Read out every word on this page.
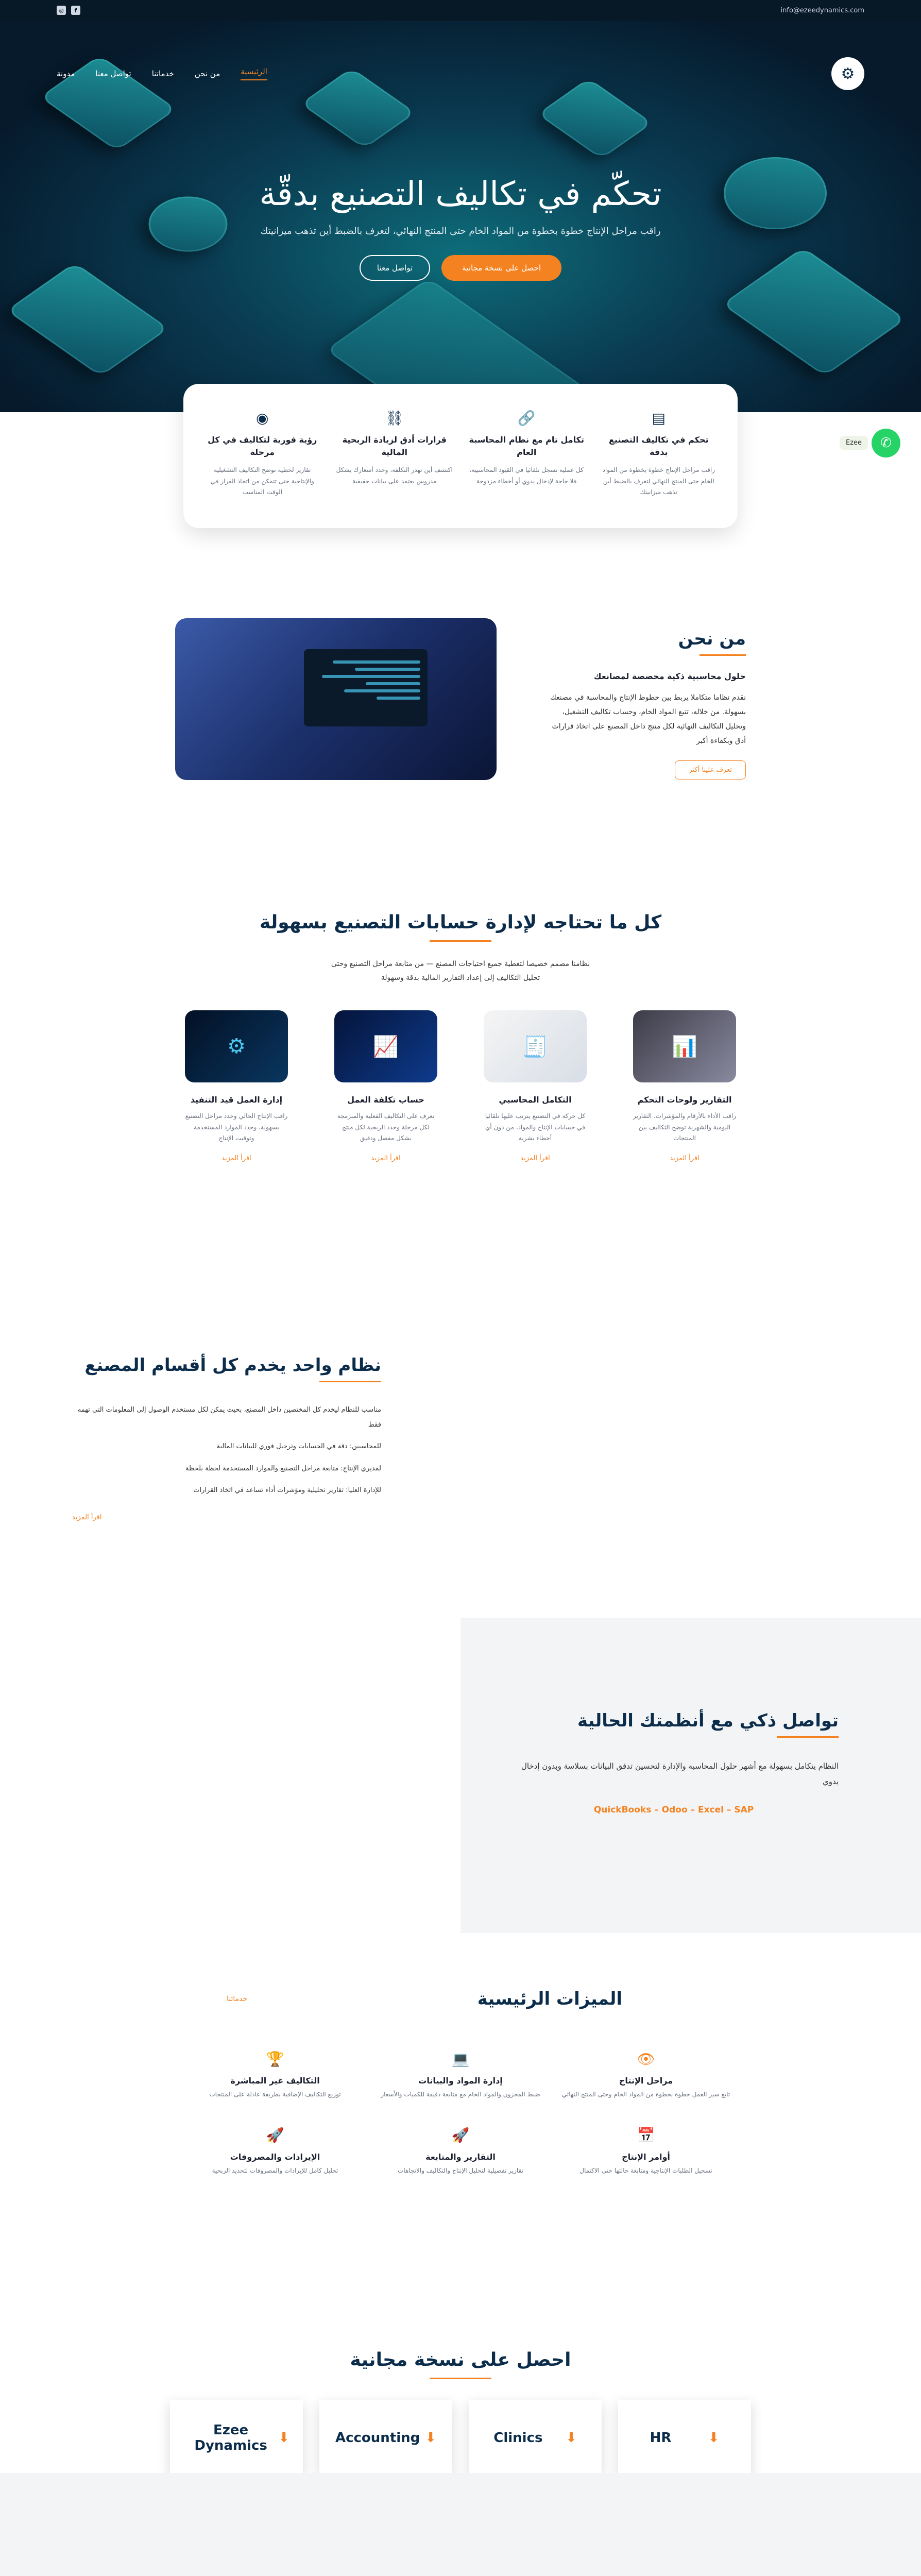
info@ezeedynamics.com
f
◎
⚙
الرئيسية
من نحن
خدماتنا
تواصل معنا
مدونة
تحكّم في تكاليف التصنيع بدقّة

راقب مراحل الإنتاج خطوة بخطوة من المواد الخام حتى المنتج النهائي، لتعرف بالضبط أين تذهب ميزانيتك

احصل على نسخة مجانية
تواصل معنا
▤
تحكم في تكاليف التصنيع بدقة

راقب مراحل الإنتاج خطوة بخطوة من المواد الخام حتى المنتج النهائي لتعرف بالضبط أين تذهب ميزانيتك

🔗
تكامل تام مع نظام المحاسبة العام

كل عملية تسجل تلقائيا في القيود المحاسبية، فلا حاجة لإدخال يدوي أو أخطاء مزدوجة

⛓
قرارات أدق لزيادة الربحية المالية

اكتشف أين تهدر التكلفة، وحدد أسعارك بشكل مدروس يعتمد على بيانات حقيقية

◉
رؤية فورية لتكاليف في كل مرحلة

تقارير لحظية توضح التكاليف التشغيلية والإنتاجية حتى تتمكن من اتخاذ القرار في الوقت المناسب

Ezee	✆
من نحن
حلول محاسبية ذكية مخصصة لمصانعك

نقدم نظاما متكاملا يربط بين خطوط الإنتاج والمحاسبة في مصنعك بسهولة. من خلاله، تتبع المواد الخام، وحساب تكاليف التشغيل، وتحليل التكاليف النهائية لكل منتج داخل المصنع على اتخاذ قرارات أدق وبكفاءة أكبر

تعرف علينا أكثر
كل ما تحتاجه لإدارة حسابات التصنيع بسهولة

نظامنا مصمم خصيصا لتغطية جميع احتياجات المصنع — من متابعة مراحل التصنيع وحتى تحليل التكاليف إلى إعداد التقارير المالية بدقة وسهولة

📊
التقارير ولوحات التحكم

راقب الأداء بالأرقام والمؤشرات. التقارير اليومية والشهرية توضح التكاليف بين المنتجات

اقرأ المزيد
🧾
التكامل المحاسبي

كل حركة في التصنيع يترتب عليها تلقائيا في حسابات الإنتاج والمواد، من دون أي أخطاء بشرية

اقرأ المزيد
📈
حساب تكلفة العمل

تعرف على التكاليف الفعلية والمبرمجة لكل مرحلة وحدد الربحية لكل منتج بشكل مفصل ودقيق

اقرأ المزيد
⚙
إدارة العمل قيد التنفيذ

راقب الإنتاج الحالي وحدد مراحل التصنيع بسهولة، وحدد الموارد المستخدمة وتوقيت الإنتاج

اقرأ المزيد
نظام واحد يخدم كل أقسام المصنع

مناسب للنظام ليخدم كل المختصين داخل المصنع، بحيث يمكن لكل مستخدم الوصول إلى المعلومات التي تهمه فقط

للمحاسبين: دقة في الحسابات وترحيل فوري للبيانات المالية

لمديري الإنتاج: متابعة مراحل التصنيع والموارد المستخدمة لحظة بلحظة

للإدارة العليا: تقارير تحليلية ومؤشرات أداء تساعد في اتخاذ القرارات

اقرأ المزيد
تواصل ذكي مع أنظمتك الحالية

النظام يتكامل بسهولة مع أشهر حلول المحاسبة والإدارة لتحسين تدفق البيانات بسلاسة وبدون إدخال يدوي

QuickBooks – Odoo – Excel – SAP
الميزات الرئيسية
خدماتنا
👁
مراحل الإنتاج

تابع سير العمل خطوة بخطوة من المواد الخام وحتى المنتج النهائي

💻
إدارة المواد والبيانات

ضبط المخزون والمواد الخام مع متابعة دقيقة للكميات والأسعار

🏆
التكاليف غير المباشرة

توزيع التكاليف الإضافية بطريقة عادلة على المنتجات

📅
أوامر الإنتاج

تسجيل الطلبات الإنتاجية ومتابعة حالتها حتى الاكتمال

🚀
التقارير والمتابعة

تقارير تفصيلية لتحليل الإنتاج والتكاليف والاتجاهات

🚀
الإيرادات والمصروفات

تحليل كامل للإيرادات والمصروفات لتحديد الربحية

احصل على نسخة مجانية
⬇
HR
⬇
Clinics
⬇
Accounting
⬇
Ezee Dynamics
